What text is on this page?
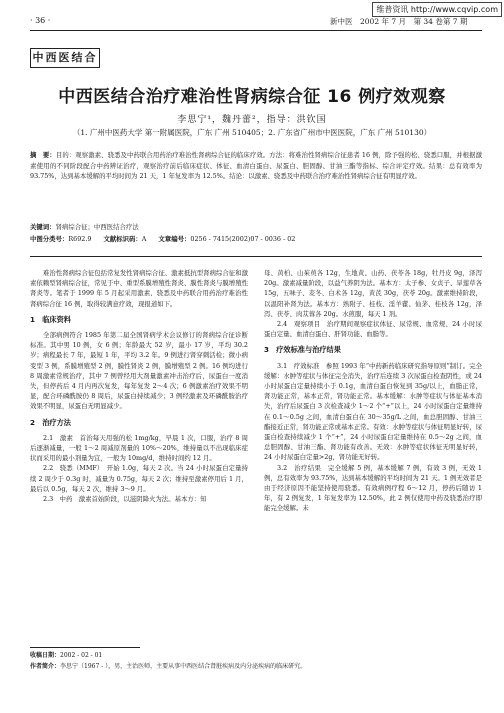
维普资讯 http://www.cqvip.com
· 36 ·	新中医　2002 年 7 月　第 34 卷第 7 期
中西医结合
中西医结合治疗难治性肾病综合征 16 例疗效观察
李思宁¹，魏丹蕾²，指导：洪钦国
（1. 广州中医药大学 第一附属医院，广东 广州 510405；2. 广东省广州市中医医院，广东 广州 510130）
摘　要：目的：观察激素、骁悉及中药联合用药治疗难治性肾病综合征的临床疗效。方法：将难治性肾病综合征患者 16 例，除予强的松、骁悉口服，并根据激素使用的不同阶段配合中药辨证治疗，观察治疗前后临床症状、体征、血清白蛋白、尿蛋白、胆固醇、甘油三酯等指标、综合评定疗效。结果：总有效率为 93.75%，达到基本缓解的平均时间为 21 天，1 年复发率为 12.5%。结论：以激素、骁悉及中药联合治疗难治性肾病综合征有明显疗效。
关键词：肾病综合征；中西医结合疗法
中图分类号：R692.9 文献标识码：A 文章编号：0256 - 7415(2002)07 - 0036 - 02

难治性肾病综合征包括常复发性肾病综合征、激素抵抗型肾病综合征和激素依赖型肾病综合征，常见于中、重型系膜增殖性肾炎、膜性肾炎与膜增殖性肾炎等。笔者于 1999 年 5 月起采用激素、骁悉及中药联合用药治疗难治性肾病综合征 16 例，取得较满意疗效，现报道如下。

1　临床资料

全部病例符合 1985 年第二届全国肾病学术会议修订的肾病综合征诊断标准。其中男 10 例，女 6 例；年龄最大 52 岁，最小 17 岁，平均 30.2 岁；病程最长 7 年，最短 1 年，平均 3.2 年。9 例进行肾穿刺活检；微小病变型 3 例，系膜增殖型 2 例，膜性肾炎 2 例，膜增殖型 2 例。16 例均进行 8 周激素常规治疗，其中 7 例曾经用大剂量激素冲击治疗后，尿蛋白一度消失，但停药后 4 月内再次复发，每年复发 2～4 次；6 例激素治疗效果不明显，配合环磷酰胺仍 8 周后，尿蛋白持续减少；3 例经激素及环磷酰胺治疗效果不明显，尿蛋白无明显减少。

2　治疗方法

2.1　激素　首治每天用强的松 1mg/kg，早晨 1 次，口服，治疗 8 周后逐渐减量，一般 1～2 周减原剂量的 10%～20%，维持量以不出现临床症状而采用的最小剂量为宜，一般为 10mg/d，维持时间约 12 月。

2.2　骁悉（MMF）　开始 1.0g，每天 2 次。当 24 小时尿蛋白定量持续 2 周少于 0.3g 时，减量为 0.75g，每天 2 次；维持至激素停用后 1 月，最后以 0.5g，每天 2 次，维持 3～9 月。

2.3　中药　激素首始阶段，以滋阴降火为法。基本方：知

母、黄柏、山茱萸各 12g，生地黄、山药、茯苓各 18g，牡丹皮 9g，泽泻 20g。激素减量阶段，以益气养阴为法。基本方：太子参、女贞子、旱莲草各 15g，五味子、麦冬、白术各 12g，黄芪 30g，茯苓 20g。激素维持阶段，以温阳补肾为法。基本方：熟附子、桂枝、淫羊藿、仙茅、桂枝各 12g，泽泻、茯苓、肉苁蓉各 20g。水煎服，每天 1 剂。

2.4　观察项目　治疗期间观察症状体征、尿常规、血常规、24 小时尿蛋白定量、血清白蛋白、肝肾功能、血脂等。

3　疗效标准与治疗结果

3.1　疗效标准　参照 1993 年“中药新药临床研究指导原则”制订。完全缓解：水肿等症状与体征完全消失，治疗后连续 3 次尿蛋白检查阴性，或 24 小时尿蛋白定量持续小于 0.1g，血清白蛋白恢复到 35g/以上，血脂正常，肾功能正常，基本正常，肾功能正常。基本缓解：水肿等症状与体征基本消失，治疗后尿蛋白 3 次检查减少 1～2 个“+”以上，24 小时尿蛋白定量维持在 0.1～0.5g 之间，血清白蛋白在 30～35g/L 之间，血总胆固醇、甘油三酯接近正常，肾功能正常或基本正常。有效：水肿等症状与体征明显好转，尿蛋白检查持续减少 1 个“+”，24 小时尿蛋白定量维持在 0.5～2g 之间，血总胆固醇、甘油三酯、肾功能有改善。无效：水肿等症状体征无明显好转，24 小时尿蛋白定量>2g，肾功能无好转。

3.2　治疗结果　完全缓解 5 例，基本缓解 7 例，有效 3 例，无效 1 例，总有效率为 93.75%，达到基本缓解的平均时间为 21 天。1 例无效者是由于经济原因不能坚持使用骁悉。有效病例疗程 6～12 月，停药后随访 1 年，有 2 例复发，1 年复发率为 12.50%，此 2 例仅使用中药及骁悉治疗即能完全缓解。未

收稿日期：2002 - 02 - 01
作者简介：李思宁（1967 - ），男，主治医师，主要从事中西医结合肾脏疾病及内分泌疾病的临床研究。
